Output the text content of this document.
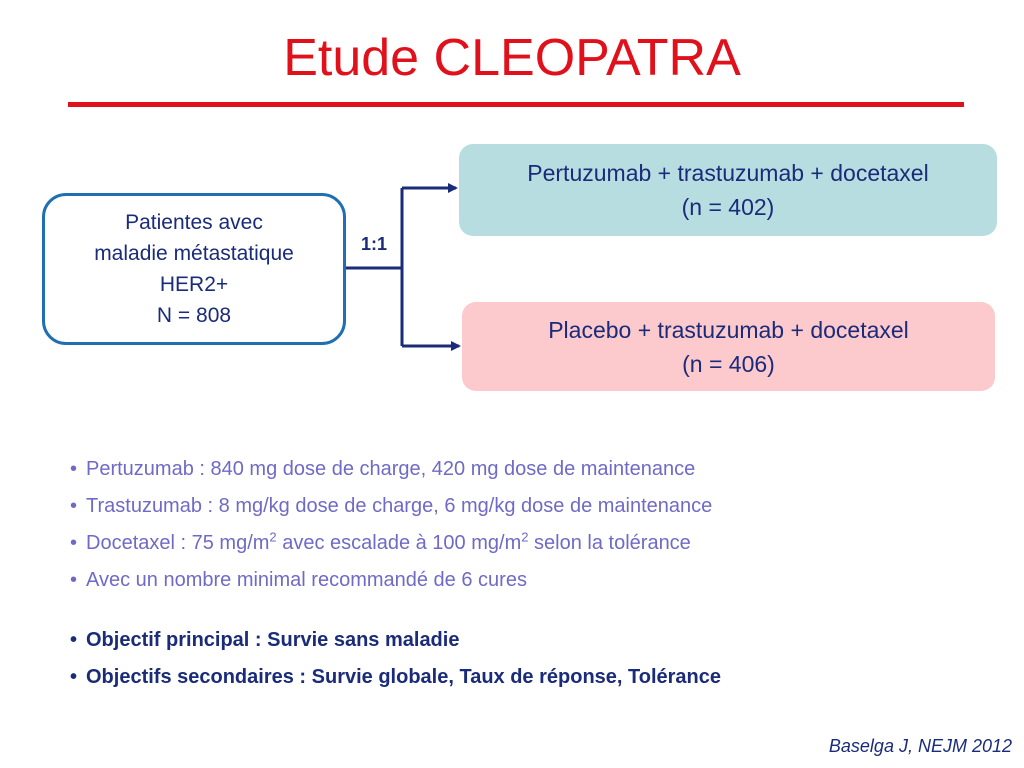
Etude CLEOPATRA
Patientes avec
maladie métastatique
HER2+
N = 808
1:1
Pertuzumab + trastuzumab + docetaxel
(n = 402)
Placebo + trastuzumab + docetaxel
(n = 406)
• Pertuzumab : 840 mg dose de charge, 420 mg dose de maintenance
• Trastuzumab : 8 mg/kg dose de charge, 6 mg/kg dose de maintenance
• Docetaxel : 75 $mg/m^2$ avec escalade à 100 $mg/m^2$ selon la tolérance
• Avec un nombre minimal recommandé de 6 cures
• Objectif principal : Survie sans maladie
• Objectifs secondaires : Survie globale, Taux de réponse, Tolérance
Baselga J, NEJM 2012
